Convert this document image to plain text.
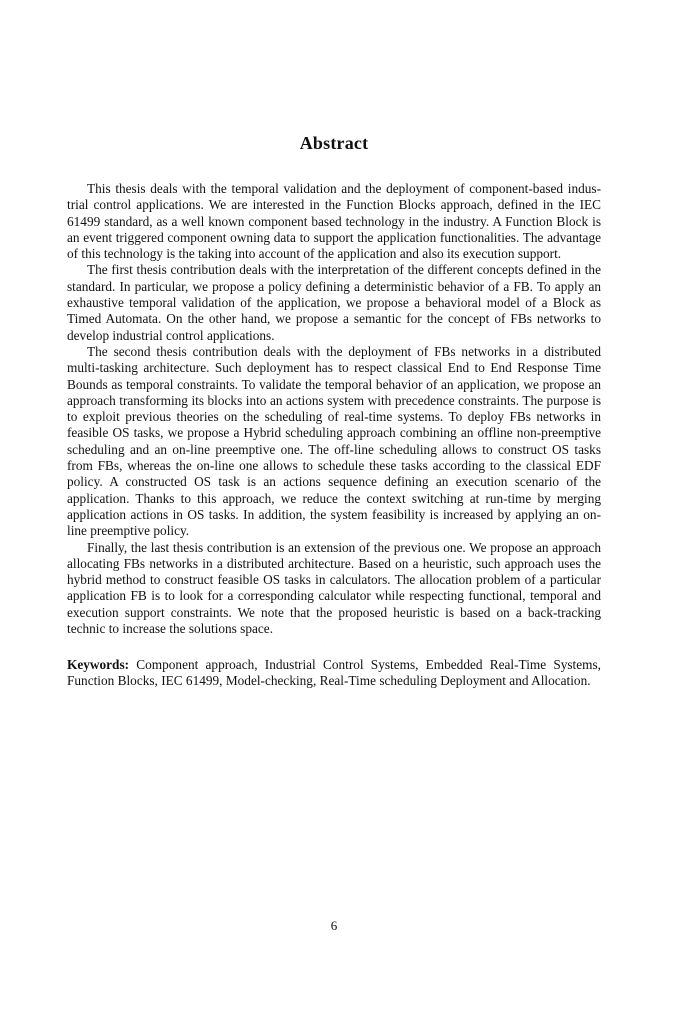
Abstract

This thesis deals with the temporal validation and the deployment of component-based industrial control applications. We are interested in the Function Blocks approach, defined in the IEC 61499 standard, as a well known component based technology in the industry. A Function Block is an event triggered component owning data to support the application functionalities. The advantage of this technology is the taking into account of the application and also its execution support.

The first thesis contribution deals with the interpretation of the different concepts defined in the standard. In particular, we propose a policy defining a deterministic behavior of a FB. To apply an exhaustive temporal validation of the application, we propose a behavioral model of a Block as Timed Automata. On the other hand, we propose a semantic for the concept of FBs networks to develop industrial control applications.

The second thesis contribution deals with the deployment of FBs networks in a distributed multi-tasking architecture. Such deployment has to respect classical End to End Response Time Bounds as temporal constraints. To validate the temporal behavior of an application, we propose an approach transforming its blocks into an actions system with precedence constraints. The purpose is to exploit previous theories on the scheduling of real-time systems. To deploy FBs networks in feasible OS tasks, we propose a Hybrid scheduling approach combining an offline non-preemptive scheduling and an on-line preemptive one. The off-line scheduling allows to construct OS tasks from FBs, whereas the on-line one allows to schedule these tasks according to the classical EDF policy. A constructed OS task is an actions sequence defining an execution scenario of the application. Thanks to this approach, we reduce the context switching at run-time by merging application actions in OS tasks. In addition, the system feasibility is increased by applying an on-line preemptive policy.

Finally, the last thesis contribution is an extension of the previous one. We propose an approach allocating FBs networks in a distributed architecture. Based on a heuristic, such approach uses the hybrid method to construct feasible OS tasks in calculators. The allocation problem of a particular application FB is to look for a corresponding calculator while respecting functional, temporal and execution support constraints. We note that the proposed heuristic is based on a back-tracking technic to increase the solutions space.

Keywords: Component approach, Industrial Control Systems, Embedded Real-Time Systems, Function Blocks, IEC 61499, Model-checking, Real-Time scheduling Deployment and Allocation.

6
